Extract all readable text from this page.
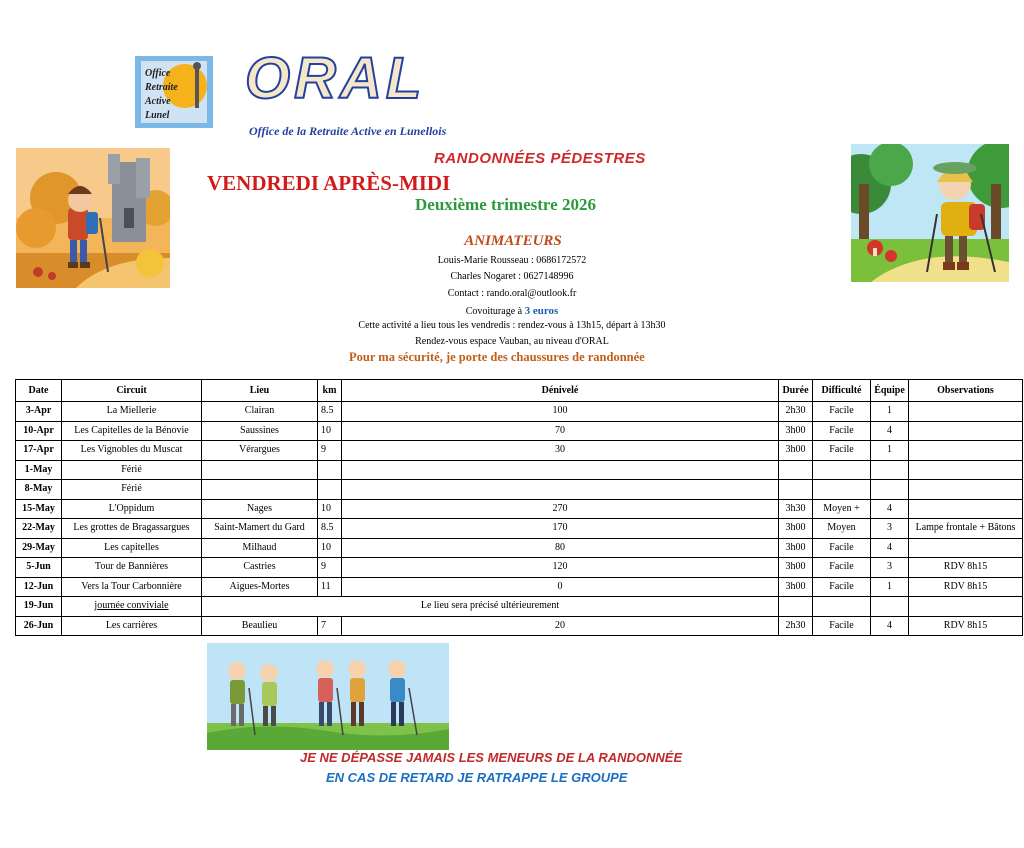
Office
Retraite
Active
Lunel
ORAL
Office de la Retraite Active en Lunellois
RANDONNÉES PÉDESTRES
VENDREDI APRÈS-MIDI
Deuxième trimestre 2026
ANIMATEURS
Louis-Marie Rousseau : 0686172572
Charles Nogaret : 0627148996
Contact : rando.oral@outlook.fr
Covoiturage à 3 euros
Cette activité a lieu tous les vendredis : rendez-vous à 13h15, départ à 13h30
Rendez-vous espace Vauban, au niveau d'ORAL
Pour ma sécurité, je porte des chaussures de randonnée
Date	Circuit	Lieu	km	Dénivelé	Durée	Difficulté	Équipe	Observations
3-Apr	La Miellerie	Clairan	8.5	100	2h30	Facile	1	
10-Apr	Les Capitelles de la Bénovie	Saussines	10	70	3h00	Facile	4	
17-Apr	Les Vignobles du Muscat	Vérargues	9	30	3h00	Facile	1	
1-May	Férié							
8-May	Férié							
15-May	L'Oppidum	Nages	10	270	3h30	Moyen +	4	
22-May	Les grottes de Bragassargues	Saint-Mamert du Gard	8.5	170	3h00	Moyen	3	Lampe frontale + Bâtons
29-May	Les capitelles	Milhaud	10	80	3h00	Facile	4	
5-Jun	Tour de Bannières	Castries	9	120	3h00	Facile	3	RDV 8h15
12-Jun	Vers la Tour Carbonnière	Aigues-Mortes	11	0	3h00	Facile	1	RDV 8h15
19-Jun	journée conviviale	Le lieu sera précisé ultérieurement						
26-Jun	Les carrières	Beaulieu	7	20	2h30	Facile	4	RDV 8h15
JE NE DÉPASSE JAMAIS LES MENEURS DE LA RANDONNÉE
EN CAS DE RETARD JE RATRAPPE LE GROUPE
